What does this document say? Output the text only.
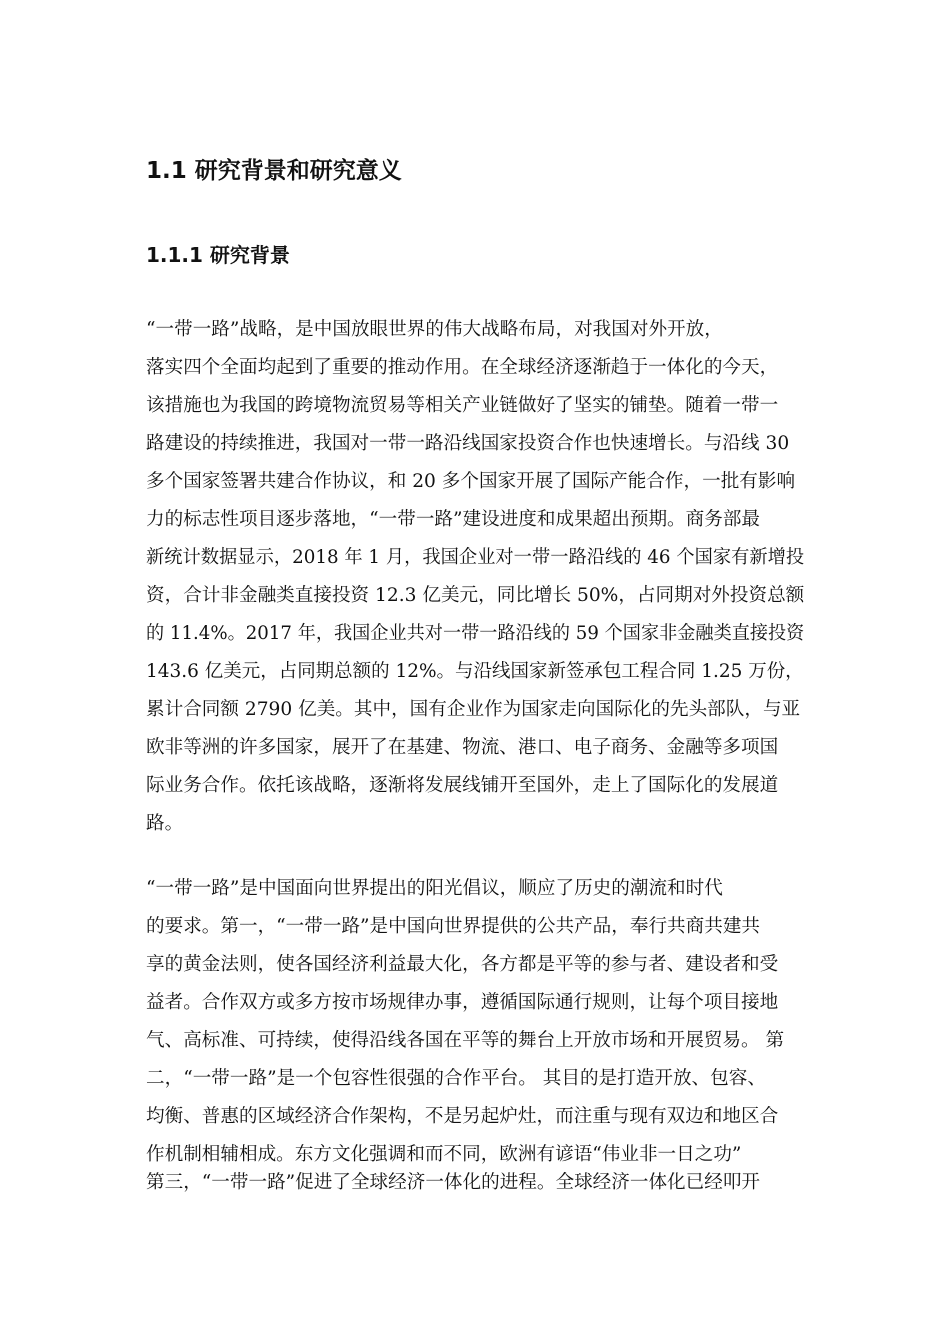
1.1 研究背景和研究意义
1.1.1 研究背景
“一带一路”战略，是中国放眼世界的伟大战略布局，对我国对外开放，
落实四个全面均起到了重要的推动作用。在全球经济逐渐趋于一体化的今天，
该措施也为我国的跨境物流贸易等相关产业链做好了坚实的铺垫。随着一带一
路建设的持续推进，我国对一带一路沿线国家投资合作也快速增长。与沿线 30
多个国家签署共建合作协议，和 20 多个国家开展了国际产能合作，一批有影响
力的标志性项目逐步落地，“一带一路”建设进度和成果超出预期。商务部最
新统计数据显示，2018 年 1 月，我国企业对一带一路沿线的 46 个国家有新增投
资，合计非金融类直接投资 12.3 亿美元，同比增长 50%，占同期对外投资总额
的 11.4%。2017 年，我国企业共对一带一路沿线的 59 个国家非金融类直接投资
143.6 亿美元，占同期总额的 12%。与沿线国家新签承包工程合同 1.25 万份，
累计合同额 2790 亿美。其中，国有企业作为国家走向国际化的先头部队，与亚
欧非等洲的许多国家，展开了在基建、物流、港口、电子商务、金融等多项国
际业务合作。依托该战略，逐渐将发展线铺开至国外，走上了国际化的发展道
路。
“一带一路”是中国面向世界提出的阳光倡议，顺应了历史的潮流和时代
的要求。第一，“一带一路”是中国向世界提供的公共产品，奉行共商共建共
享的黄金法则，使各国经济利益最大化，各方都是平等的参与者、建设者和受
益者。合作双方或多方按市场规律办事，遵循国际通行规则，让每个项目接地
气、高标准、可持续，使得沿线各国在平等的舞台上开放市场和开展贸易。 第
二，“一带一路”是一个包容性很强的合作平台。 其目的是打造开放、包容、
均衡、普惠的区域经济合作架构，不是另起炉灶，而注重与现有双边和地区合
作机制相辅相成。东方文化强调和而不同，欧洲有谚语“伟业非一日之功”
第三，“一带一路”促进了全球经济一体化的进程。全球经济一体化已经叩开
